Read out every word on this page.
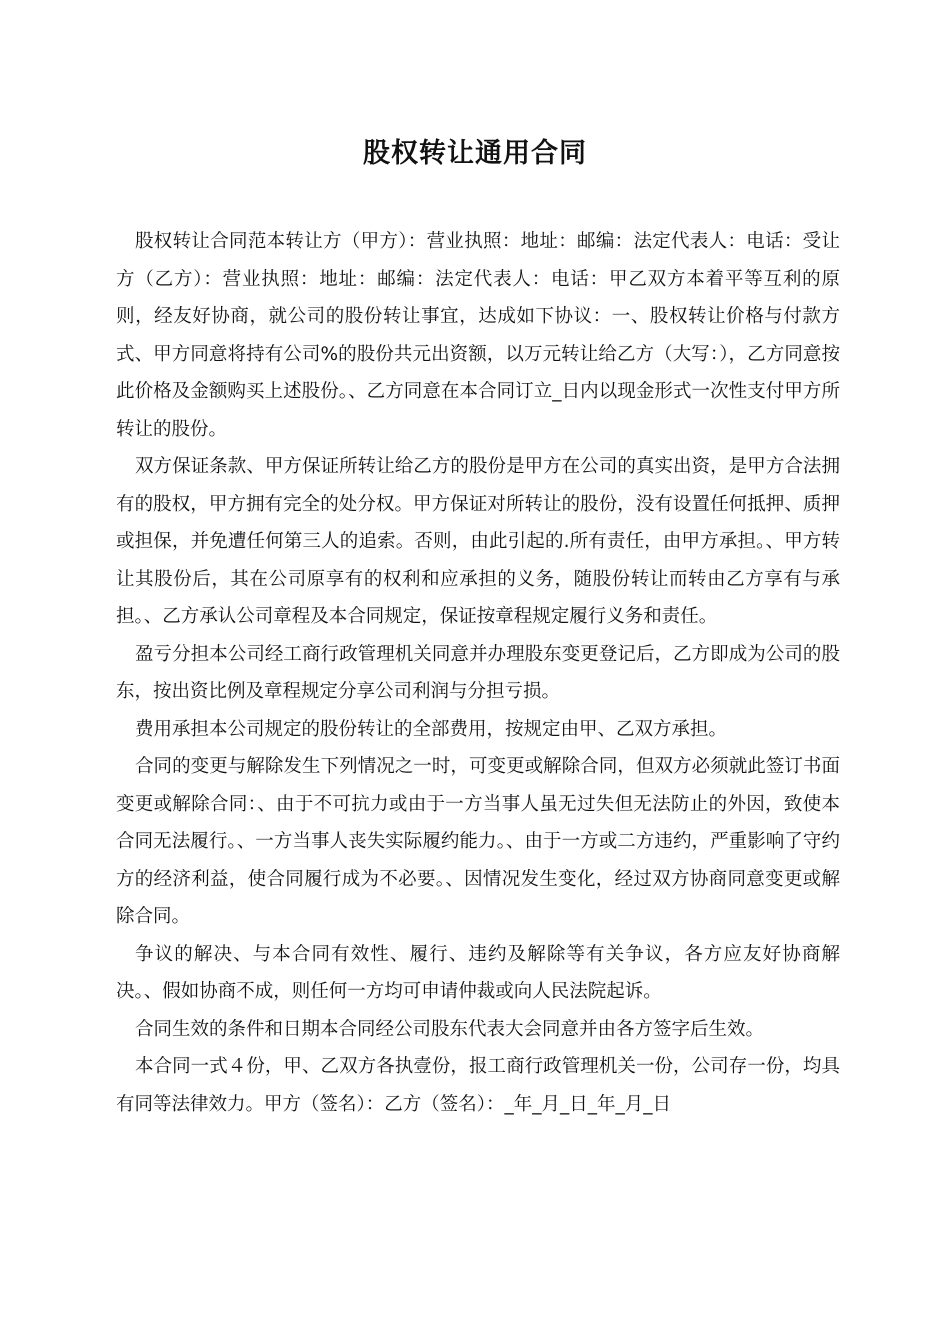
股权转让通用合同

股权转让合同范本转让方（甲方）：营业执照：地址：邮编：法定代表人：电话：受让方（乙方）：营业执照：地址：邮编：法定代表人：电话：甲乙双方本着平等互利的原则，经友好协商，就公司的股份转让事宜，达成如下协议：一、股权转让价格与付款方式、甲方同意将持有公司%的股份共元出资额，以万元转让给乙方（大写：），乙方同意按此价格及金额购买上述股份。、乙方同意在本合同订立_日内以现金形式一次性支付甲方所转让的股份。

双方保证条款、甲方保证所转让给乙方的股份是甲方在公司的真实出资，是甲方合法拥有的股权，甲方拥有完全的处分权。甲方保证对所转让的股份，没有设置任何抵押、质押或担保，并免遭任何第三人的追索。否则，由此引起的.所有责任，由甲方承担。、甲方转让其股份后，其在公司原享有的权利和应承担的义务，随股份转让而转由乙方享有与承担。、乙方承认公司章程及本合同规定，保证按章程规定履行义务和责任。

盈亏分担本公司经工商行政管理机关同意并办理股东变更登记后，乙方即成为公司的股东，按出资比例及章程规定分享公司利润与分担亏损。

费用承担本公司规定的股份转让的全部费用，按规定由甲、乙双方承担。

合同的变更与解除发生下列情况之一时，可变更或解除合同，但双方必须就此签订书面变更或解除合同：、由于不可抗力或由于一方当事人虽无过失但无法防止的外因，致使本合同无法履行。、一方当事人丧失实际履约能力。、由于一方或二方违约，严重影响了守约方的经济利益，使合同履行成为不必要。、因情况发生变化，经过双方协商同意变更或解除合同。

争议的解决、与本合同有效性、履行、违约及解除等有关争议，各方应友好协商解决。、假如协商不成，则任何一方均可申请仲裁或向人民法院起诉。

合同生效的条件和日期本合同经公司股东代表大会同意并由各方签字后生效。

本合同一式４份，甲、乙双方各执壹份，报工商行政管理机关一份，公司存一份，均具有同等法律效力。甲方（签名）：乙方（签名）：_年_月_日_年_月_日
